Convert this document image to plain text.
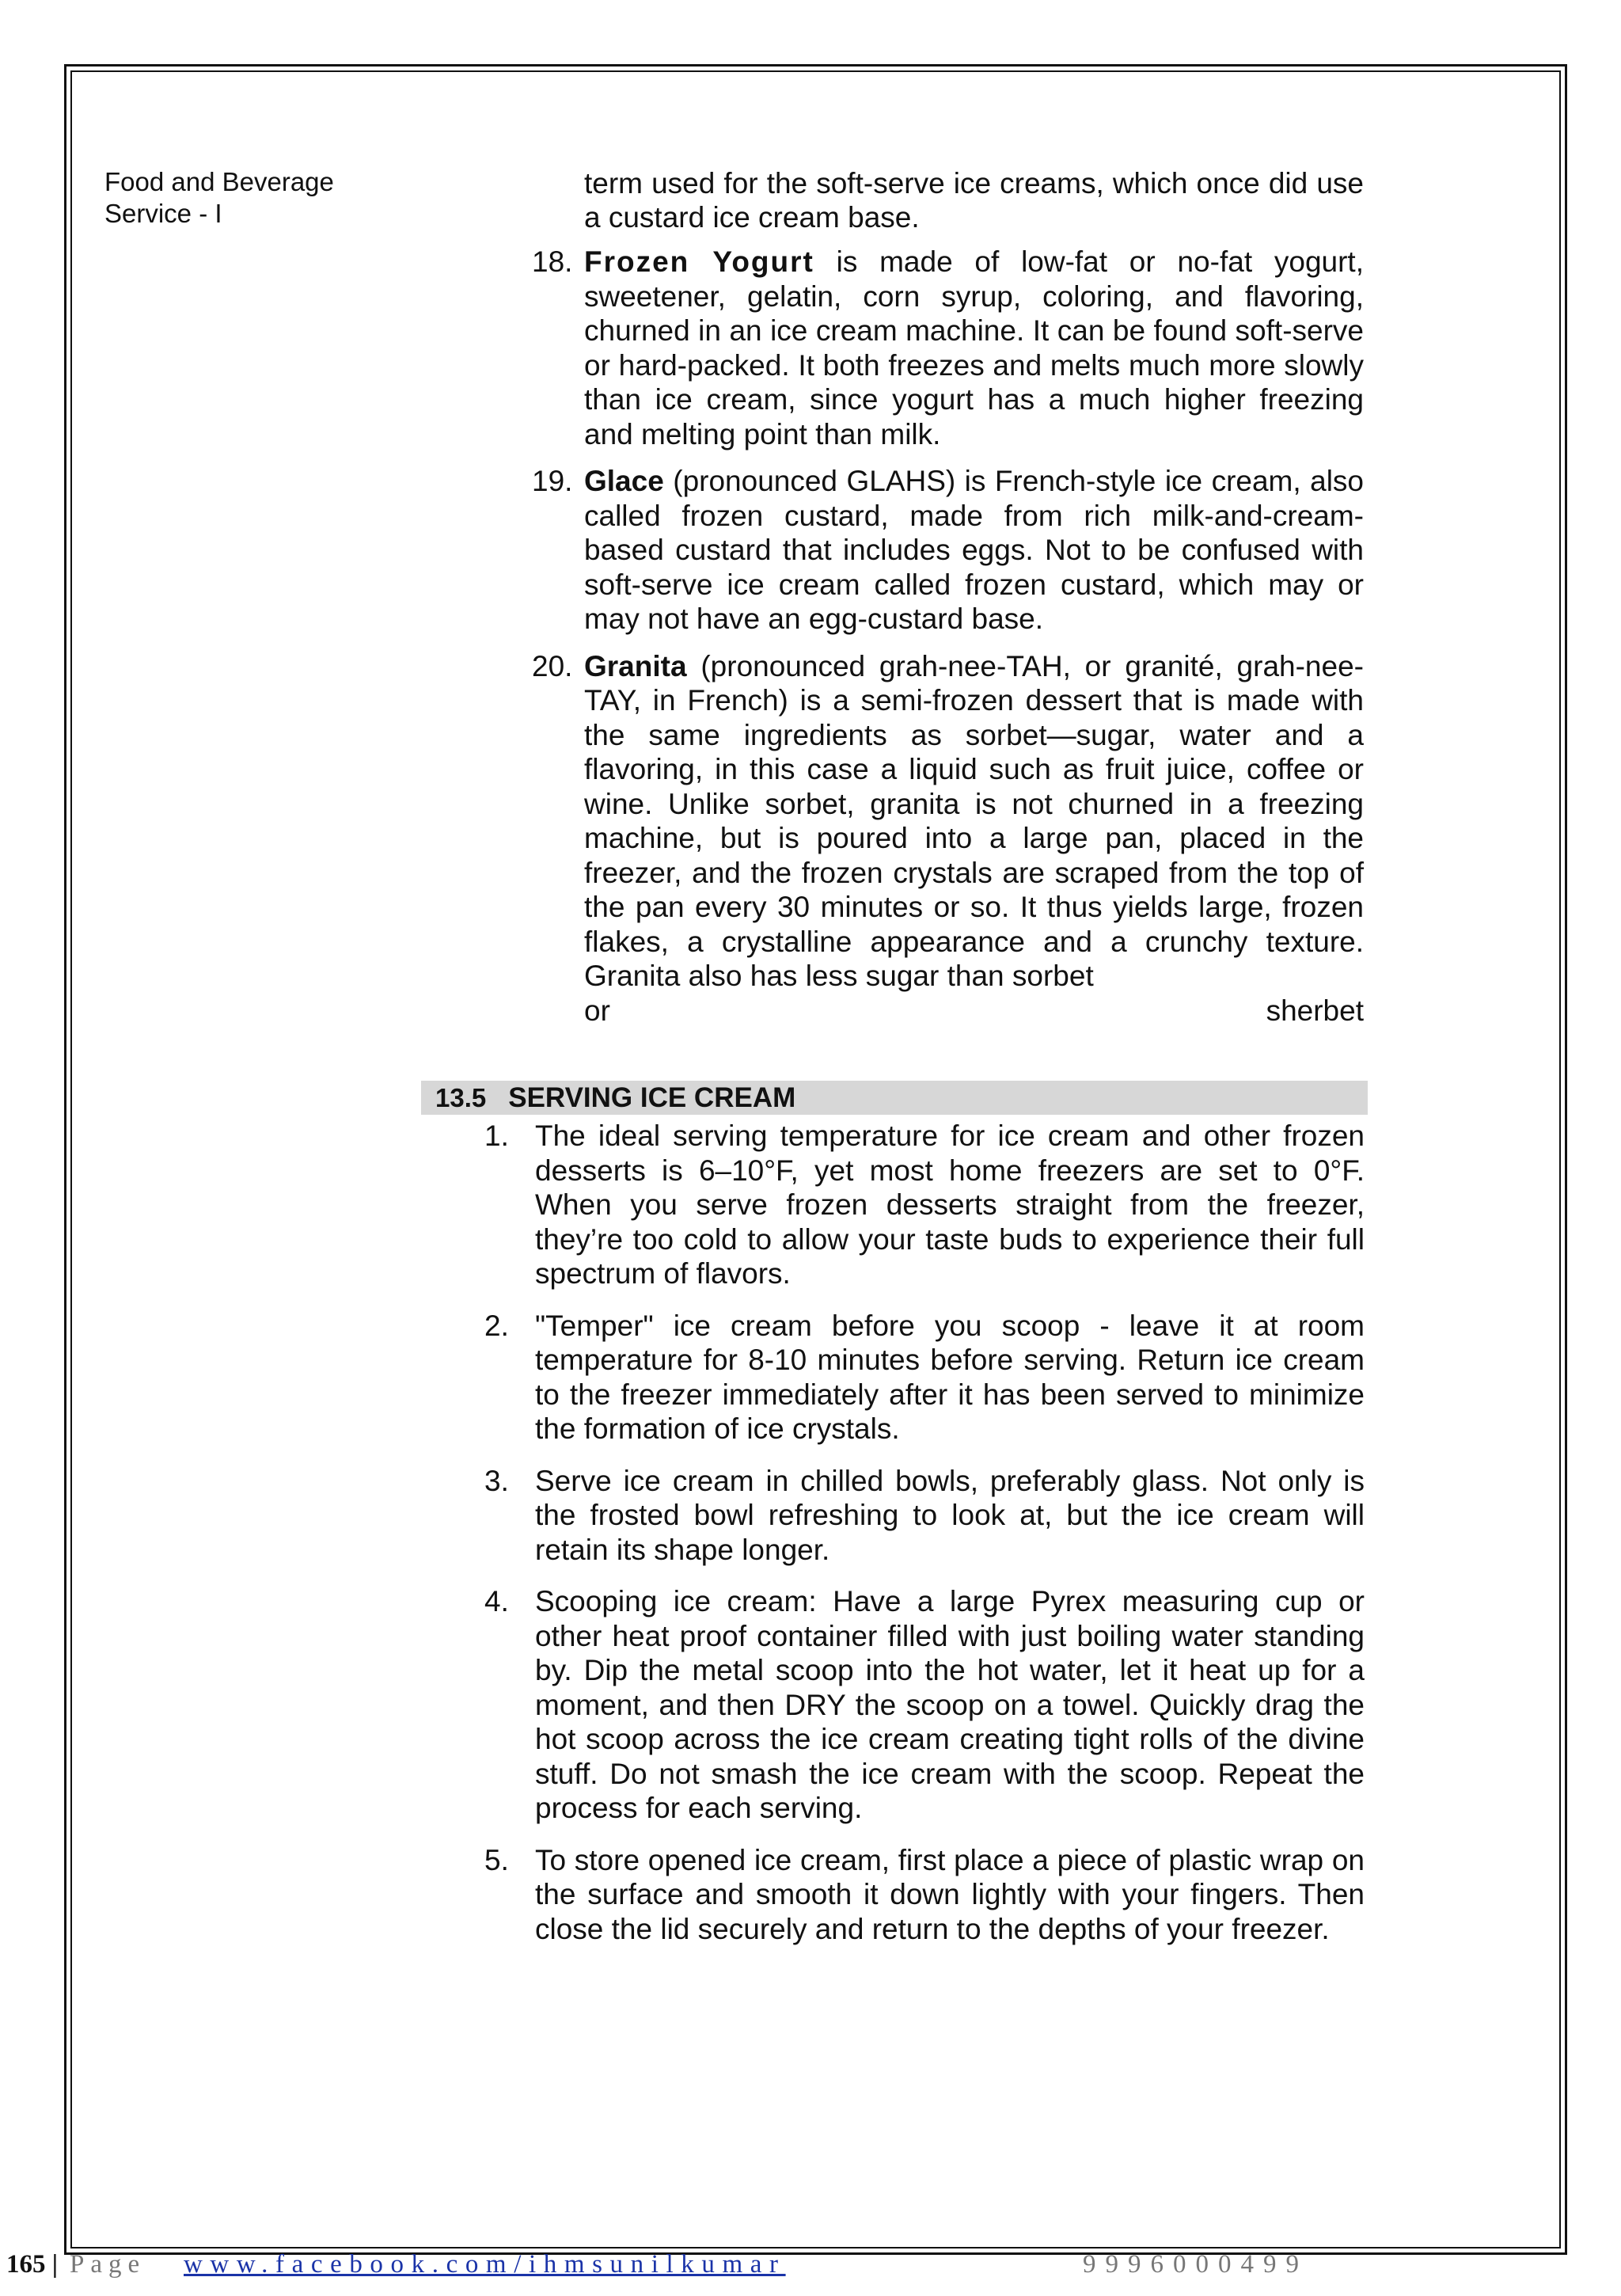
Food and Beverage
Service - I
term used for the soft-serve ice creams, which once did use a custard ice cream base.
18. Frozen Yogurt is made of low-fat or no-fat yogurt, sweetener, gelatin, corn syrup, coloring, and flavoring, churned in an ice cream machine. It can be found soft-serve or hard-packed. It both freezes and melts much more slowly than ice cream, since yogurt has a much higher freezing and melting point than milk.
19. Glace (pronounced GLAHS) is French-style ice cream, also called frozen custard, made from rich milk-and-cream-based custard that includes eggs. Not to be confused with soft-serve ice cream called frozen custard, which may or may not have an egg-custard base.
20. Granita (pronounced grah-nee-TAH, or granité, grah-nee-TAY, in French) is a semi-frozen dessert that is made with the same ingredients as sorbet—sugar, water and a flavoring, in this case a liquid such as fruit juice, coffee or wine. Unlike sorbet, granita is not churned in a freezing machine, but is poured into a large pan, placed in the freezer, and the frozen crystals are scraped from the top of the pan every 30 minutes or so. It thus yields large, frozen flakes, a crystalline appearance and a crunchy texture. Granita also has less sugar than sorbet
or	sherbet
13.5 SERVING ICE CREAM
1. The ideal serving temperature for ice cream and other frozen desserts is 6–10°F, yet most home freezers are set to 0°F. When you serve frozen desserts straight from the freezer, they’re too cold to allow your taste buds to experience their full spectrum of flavors.
2. "Temper" ice cream before you scoop - leave it at room temperature for 8-10 minutes before serving. Return ice cream to the freezer immediately after it has been served to minimize the formation of ice crystals.
3. Serve ice cream in chilled bowls, preferably glass. Not only is the frosted bowl refreshing to look at, but the ice cream will retain its shape longer.
4. Scooping ice cream: Have a large Pyrex measuring cup or other heat proof container filled with just boiling water standing by. Dip the metal scoop into the hot water, let it heat up for a moment, and then DRY the scoop on a towel. Quickly drag the hot scoop across the ice cream creating tight rolls of the divine stuff. Do not smash the ice cream with the scoop. Repeat the process for each serving.
5. To store opened ice cream, first place a piece of plastic wrap on the surface and smooth it down lightly with your fingers. Then close the lid securely and return to the depths of your freezer.
165 | Page www.facebook.com/ihmsunilkumar	9996000499
